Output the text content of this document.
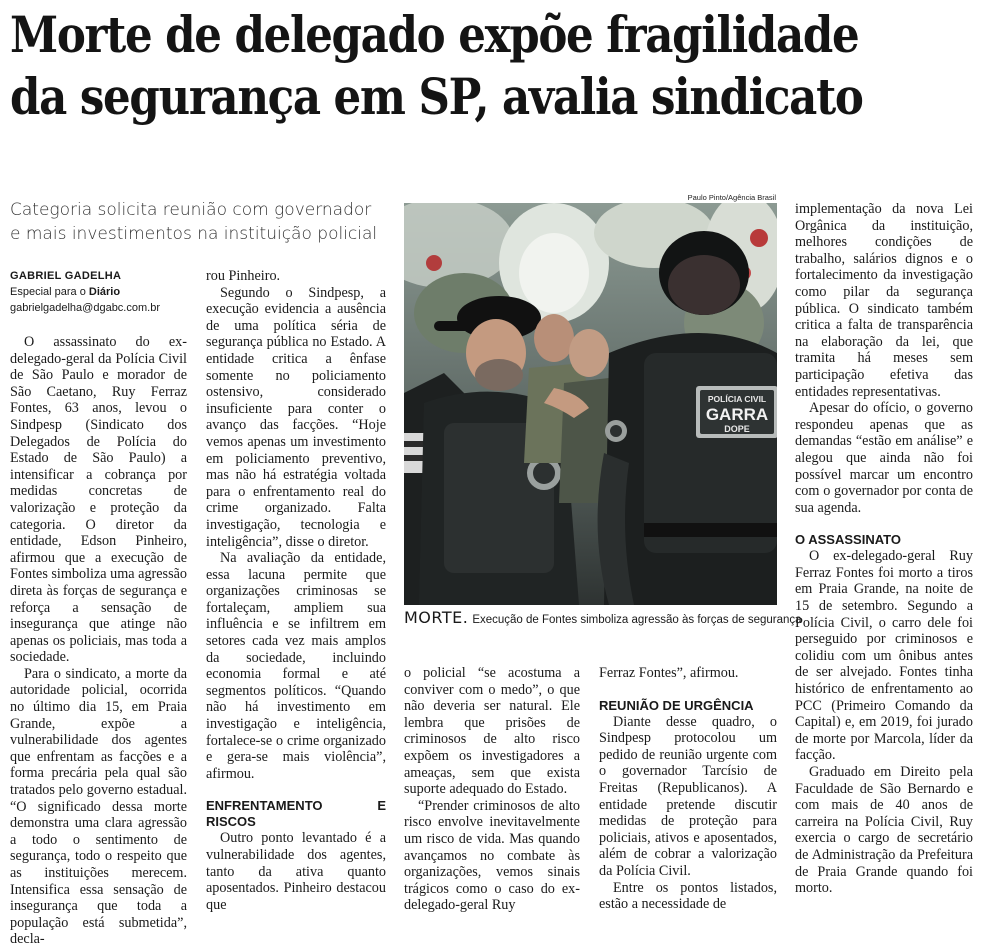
Morte de delegado expõe fragilidade
da segurança em SP, avalia sindicato
Categoria solicita reunião com governador
e mais investimentos na instituição policial
GABRIEL GADELHA
Especial para o Diário
gabrielgadelha@dgabc.com.br

O assassinato do ex-delegado-geral da Polícia Civil de São Paulo e morador de São Caetano, Ruy Ferraz Fontes, 63 anos, levou o Sindpesp (Sindicato dos Delegados de Polícia do Estado de São Paulo) a intensificar a cobrança por medidas concretas de valorização e proteção da categoria. O diretor da entidade, Edson Pinheiro, afirmou que a execução de Fontes simboliza uma agressão direta às forças de segurança e reforça a sensação de insegurança que atinge não apenas os policiais, mas toda a sociedade.

Para o sindicato, a morte da autoridade policial, ocorrida no último dia 15, em Praia Grande, expõe a vulnerabilidade dos agentes que enfrentam as facções e a forma precária pela qual são tratados pelo governo estadual. “O significado dessa morte demonstra uma clara agressão a todo o sentimento de segurança, todo o respeito que as instituições merecem. Intensifica essa sensação de insegurança que toda a população está submetida”, decla-

rou Pinheiro.

Segundo o Sindpesp, a execução evidencia a ausência de uma política séria de segurança pública no Estado. A entidade critica a ênfase somente no policiamento ostensivo, considerado insuficiente para conter o avanço das facções. “Hoje vemos apenas um investimento em policiamento preventivo, mas não há estratégia voltada para o enfrentamento real do crime organizado. Falta investigação, tecnologia e inteligência”, disse o diretor.

Na avaliação da entidade, essa lacuna permite que organizações criminosas se fortaleçam, ampliem sua influência e se infiltrem em setores cada vez mais amplos da sociedade, incluindo economia formal e até segmentos políticos. “Quando não há investimento em investigação e inteligência, fortalece-se o crime organizado e gera-se mais violência”, afirmou.

ENFRENTAMENTO E RISCOS

Outro ponto levantado é a vulnerabilidade dos agentes, tanto da ativa quanto aposentados. Pinheiro destacou que

Paulo Pinto/Agência Brasil
POLÍCIA CIVIL
GARRA
DOPE
MORTE. Execução de Fontes simboliza agressão às forças de segurança

o policial “se acostuma a conviver com o medo”, o que não deveria ser natural. Ele lembra que prisões de criminosos de alto risco expõem os investigadores a ameaças, sem que exista suporte adequado do Estado.

“Prender criminosos de alto risco envolve inevitavelmente um risco de vida. Mas quando avançamos no combate às organizações, vemos sinais trágicos como o caso do ex-delegado-geral Ruy

Ferraz Fontes”, afirmou.

REUNIÃO DE URGÊNCIA

Diante desse quadro, o Sindpesp protocolou um pedido de reunião urgente com o governador Tarcísio de Freitas (Republicanos). A entidade pretende discutir medidas de proteção para policiais, ativos e aposentados, além de cobrar a valorização da Polícia Civil.

Entre os pontos listados, estão a necessidade de

implementação da nova Lei Orgânica da instituição, melhores condições de trabalho, salários dignos e o fortalecimento da investigação como pilar da segurança pública. O sindicato também critica a falta de transparência na elaboração da lei, que tramita há meses sem participação efetiva das entidades representativas.

Apesar do ofício, o governo respondeu apenas que as demandas “estão em análise” e alegou que ainda não foi possível marcar um encontro com o governador por conta de sua agenda.

O ASSASSINATO

O ex-delegado-geral Ruy Ferraz Fontes foi morto a tiros em Praia Grande, na noite de 15 de setembro. Segundo a Polícia Civil, o carro dele foi perseguido por criminosos e colidiu com um ônibus antes de ser alvejado. Fontes tinha histórico de enfrentamento ao PCC (Primeiro Comando da Capital) e, em 2019, foi jurado de morte por Marcola, líder da facção.

Graduado em Direito pela Faculdade de São Bernardo e com mais de 40 anos de carreira na Polícia Civil, Ruy exercia o cargo de secretário de Administração da Prefeitura de Praia Grande quando foi morto.
